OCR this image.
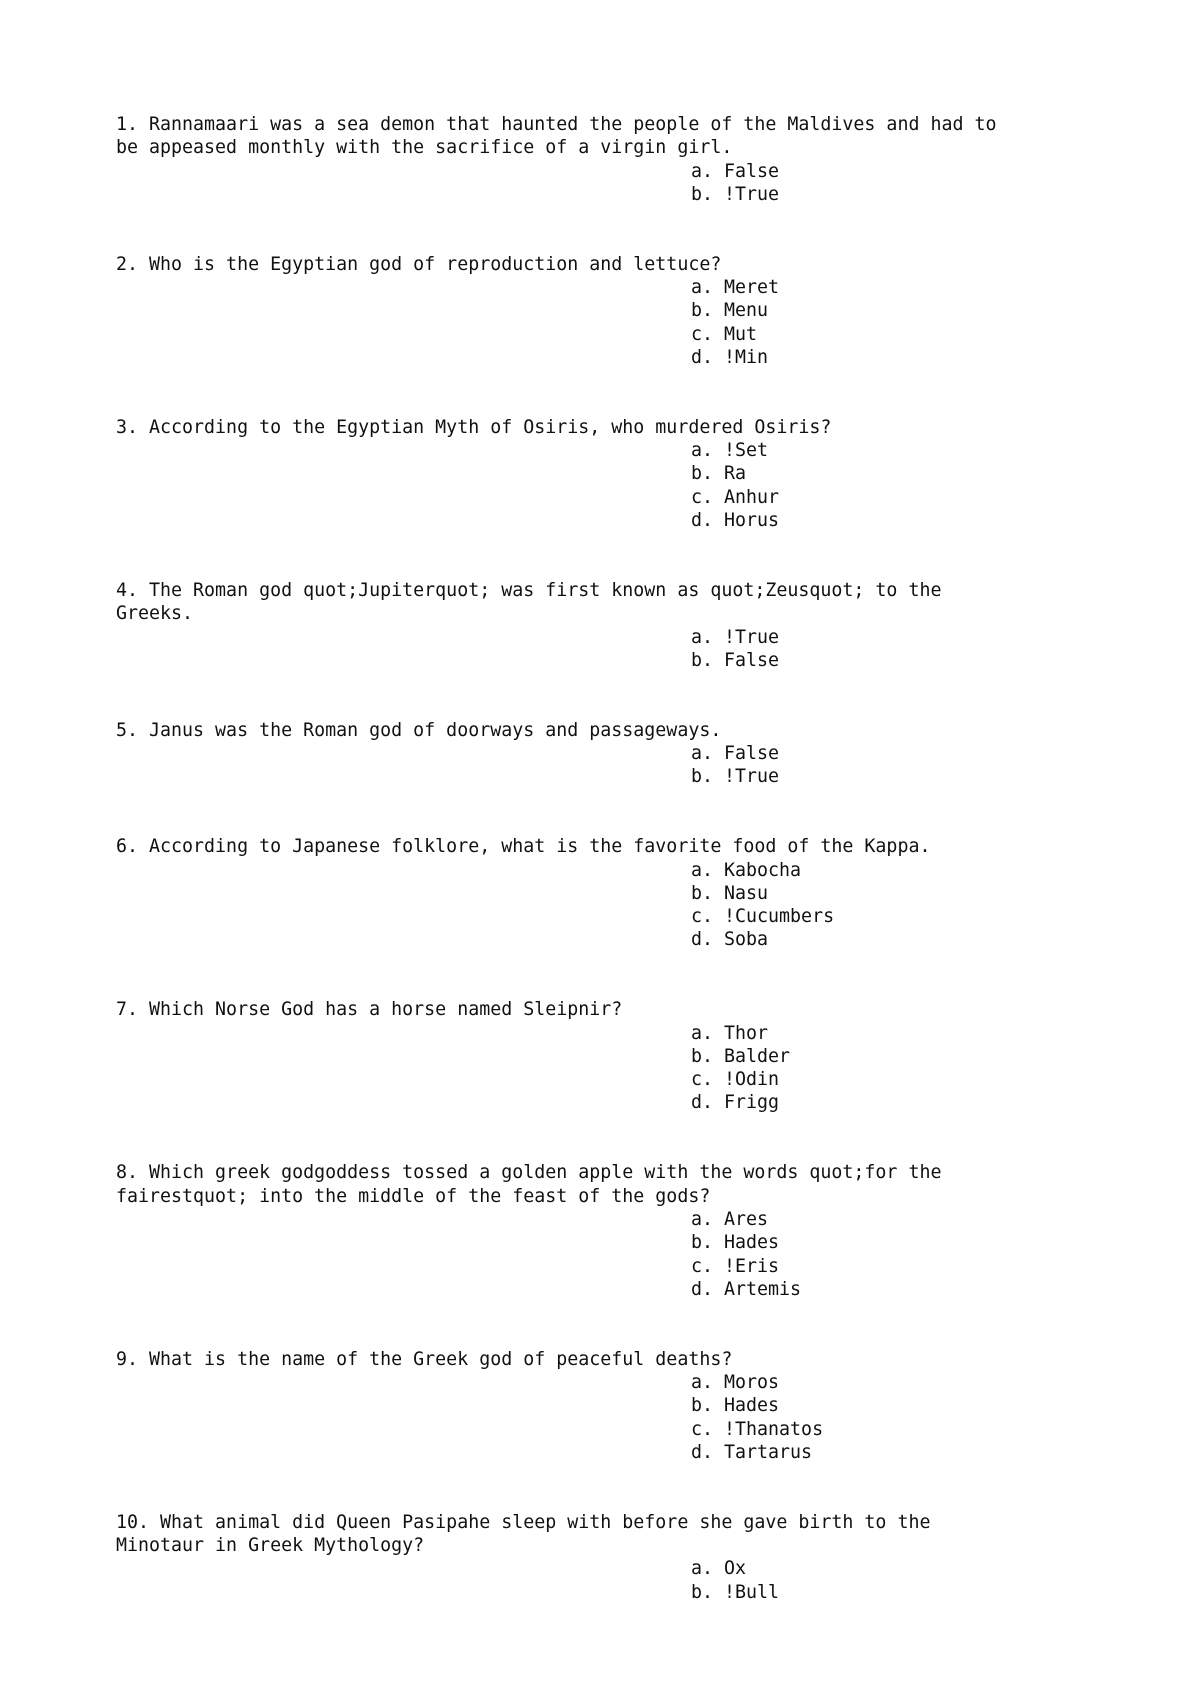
1. Rannamaari was a sea demon that haunted the people of the Maldives and had to
be appeased monthly with the sacrifice of a virgin girl.
a. False
b. !True
2. Who is the Egyptian god of reproduction and lettuce?
a. Meret
b. Menu
c. Mut
d. !Min
3. According to the Egyptian Myth of Osiris, who murdered Osiris?
a. !Set
b. Ra
c. Anhur
d. Horus
4. The Roman god quot;Jupiterquot; was first known as quot;Zeusquot; to the
Greeks.
a. !True
b. False
5. Janus was the Roman god of doorways and passageways.
a. False
b. !True
6. According to Japanese folklore, what is the favorite food of the Kappa.
a. Kabocha
b. Nasu
c. !Cucumbers
d. Soba
7. Which Norse God has a horse named Sleipnir?
a. Thor
b. Balder
c. !Odin
d. Frigg
8. Which greek godgoddess tossed a golden apple with the words quot;for the
fairestquot; into the middle of the feast of the gods?
a. Ares
b. Hades
c. !Eris
d. Artemis
9. What is the name of the Greek god of peaceful deaths?
a. Moros
b. Hades
c. !Thanatos
d. Tartarus
10. What animal did Queen Pasipahe sleep with before she gave birth to the
Minotaur in Greek Mythology?
a. Ox
b. !Bull
